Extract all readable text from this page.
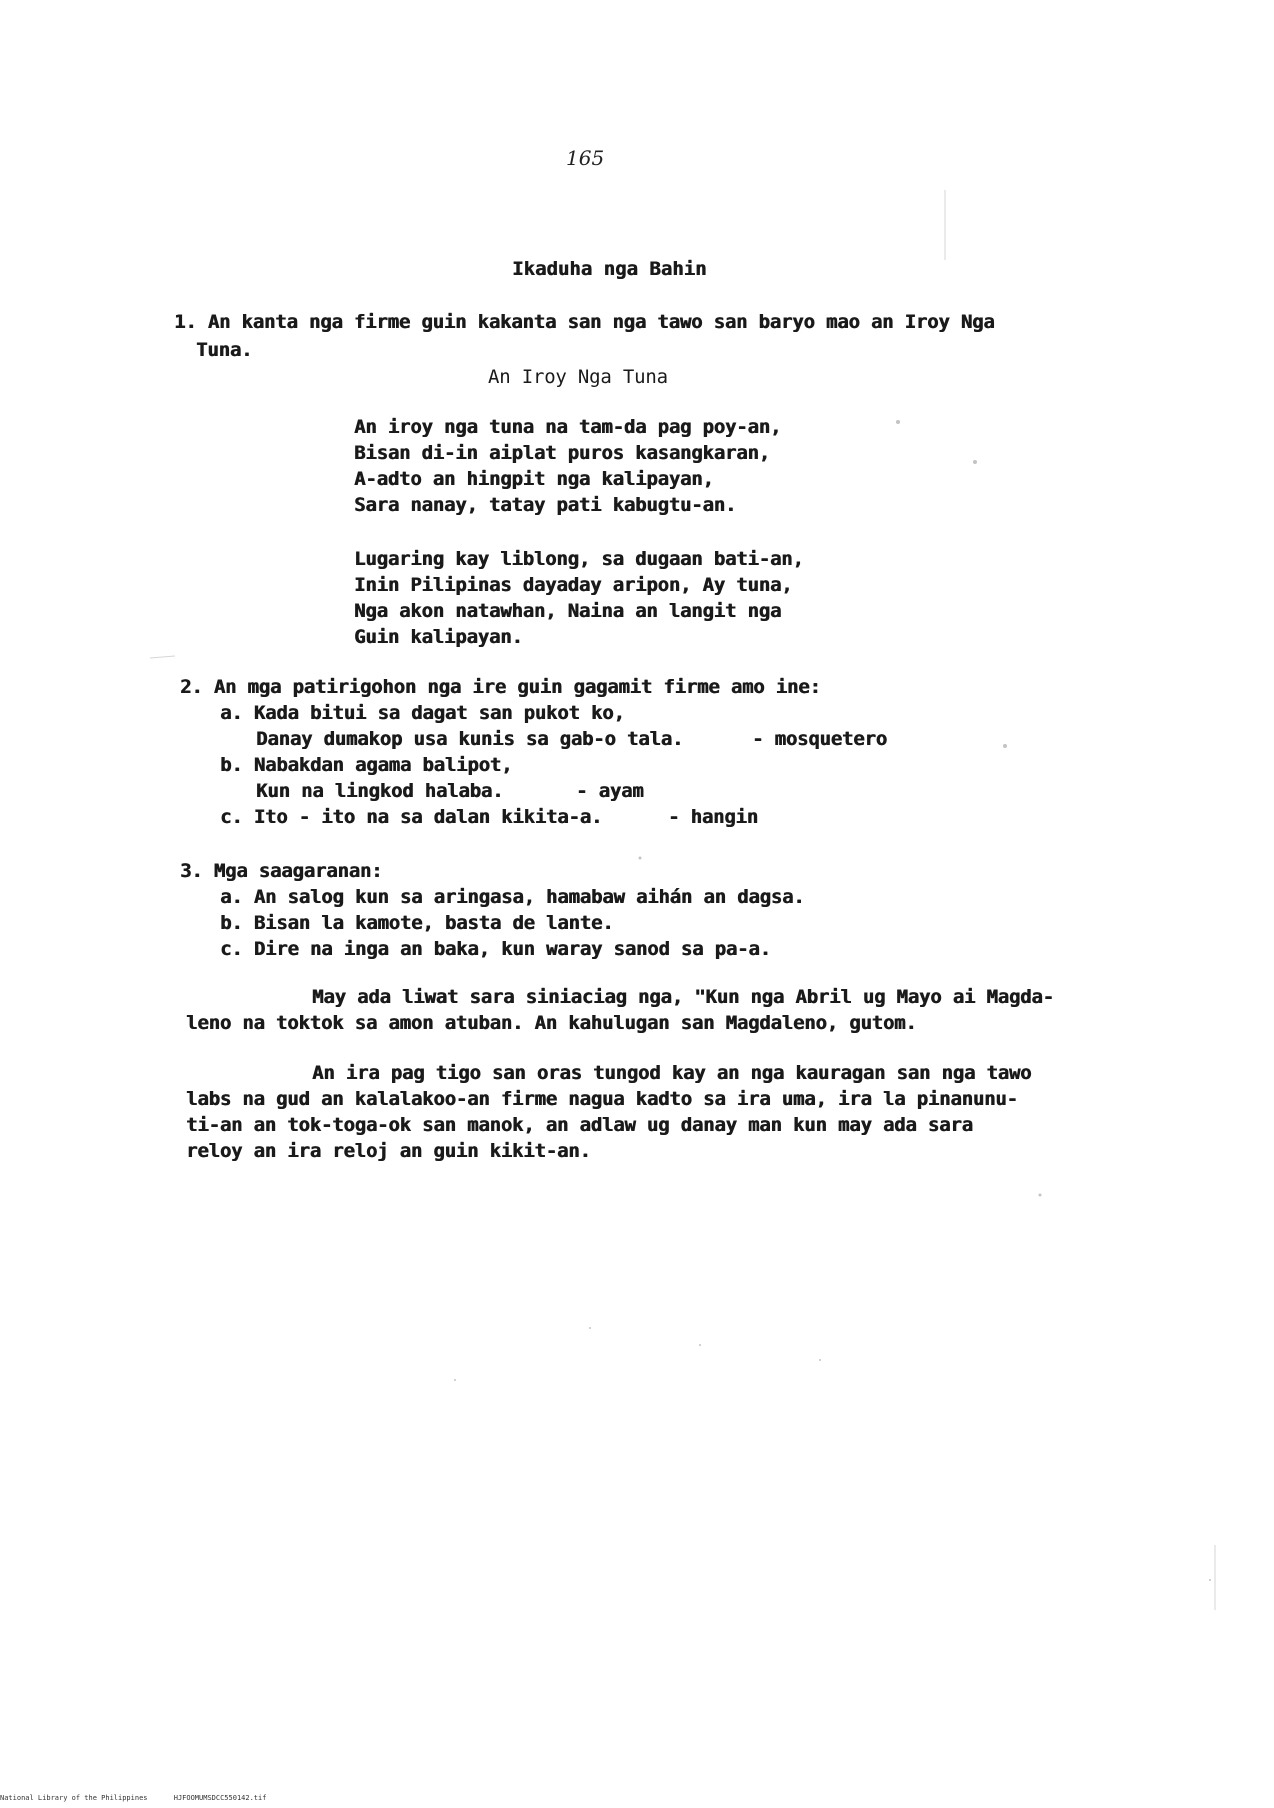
165
Ikaduha nga Bahin
1. An kanta nga firme guin kakanta san nga tawo san baryo mao an Iroy Nga
Tuna.
An Iroy Nga Tuna
An iroy nga tuna na tam-da pag poy-an,
Bisan di-in aiplat puros kasangkaran,
A-adto an hingpit nga kalipayan,
Sara nanay, tatay pati kabugtu-an.
Lugaring kay liblong, sa dugaan bati-an,
Inin Pilipinas dayaday aripon, Ay tuna,
Nga akon natawhan, Naina an langit nga
Guin kalipayan.
2. An mga patirigohon nga ire guin gagamit firme amo ine:
a. Kada bitui sa dagat san pukot ko,
Danay dumakop usa kunis sa gab-o tala.	- mosquetero
b. Nabakdan agama balipot,
Kun na lingkod halaba.	- ayam
c. Ito - ito na sa dalan kikita-a.	- hangin
3. Mga saagaranan:
a. An salog kun sa aringasa, hamabaw aihán an dagsa.
b. Bisan la kamote, basta de lante.
c. Dire na inga an baka, kun waray sanod sa pa-a.
May ada liwat sara siniaciag nga, "Kun nga Abril ug Mayo ai Magda-
leno na toktok sa amon atuban. An kahulugan san Magdaleno, gutom.
An ira pag tigo san oras tungod kay an nga kauragan san nga tawo
labs na gud an kalalakoo-an firme nagua kadto sa ira uma, ira la pinanunu-
ti-an an tok-toga-ok san manok, an adlaw ug danay man kun may ada sara
reloy an ira reloj an guin kikit-an.
National Library of the Philippines	HJFOOMUMSDCC550142.tif
